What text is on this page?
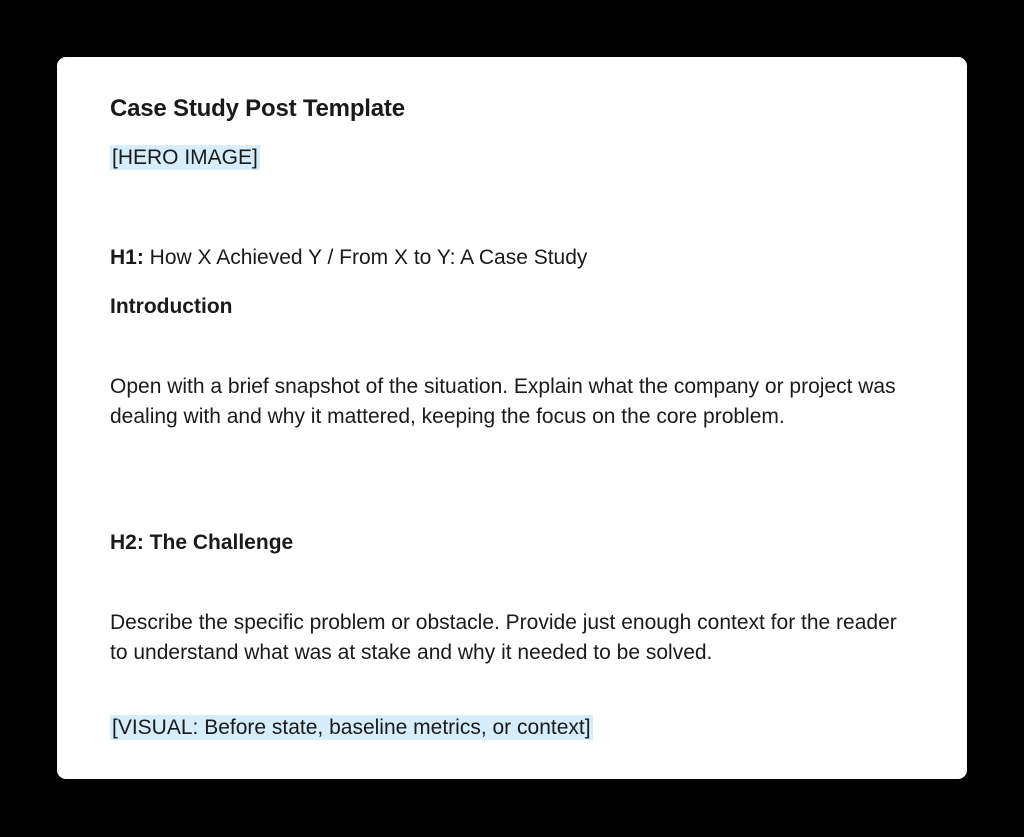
Case Study Post Template
[HERO IMAGE]
H1: How X Achieved Y / From X to Y: A Case Study
Introduction

Open with a brief snapshot of the situation. Explain what the company or project was dealing with and why it mattered, keeping the focus on the core problem.

H2: The Challenge

Describe the specific problem or obstacle. Provide just enough context for the reader to understand what was at stake and why it needed to be solved.

[VISUAL: Before state, baseline metrics, or context]
